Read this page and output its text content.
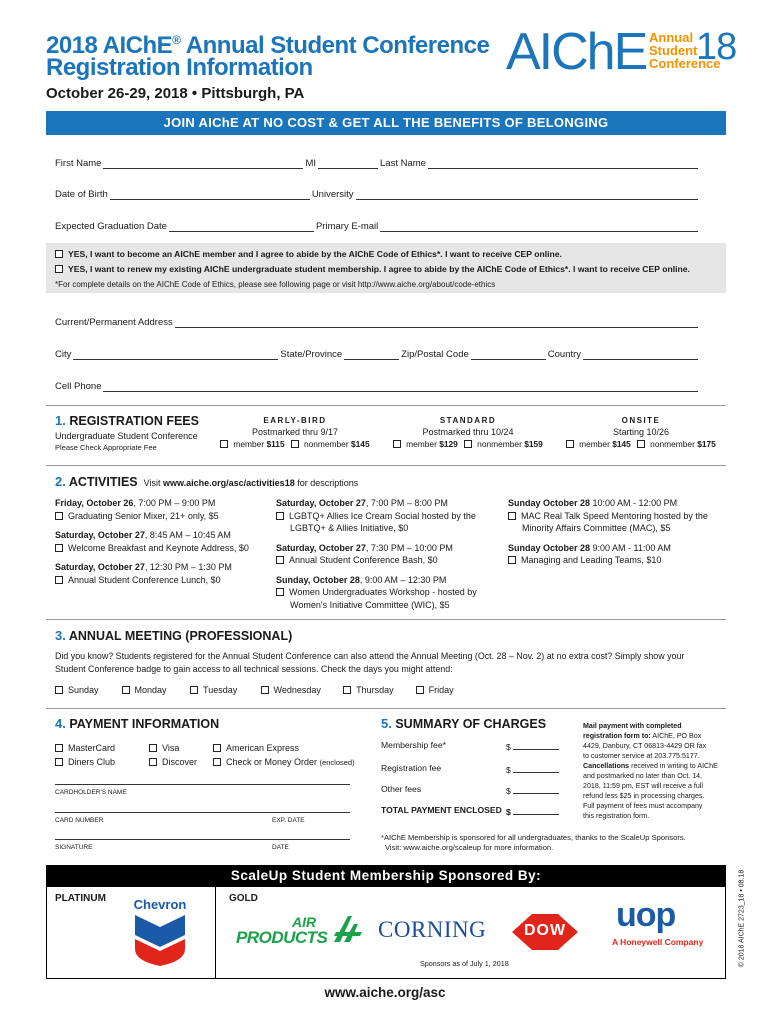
2018 AIChE® Annual Student Conference
Registration Information
October 26-29, 2018 • Pittsburgh, PA
AIChE Annual
Student
Conference
18
JOIN AIChE AT NO COST & GET ALL THE BENEFITS OF BELONGING
First Name	MI	Last Name
Date of Birth	University
Expected Graduation Date	Primary E-mail
YES, I want to become an AIChE member and I agree to abide by the AIChE Code of Ethics*. I want to receive CEP online.
YES, I want to renew my existing AIChE undergraduate student membership. I agree to abide by the AIChE Code of Ethics*. I want to receive CEP online.
*For complete details on the AIChE Code of Ethics, please see following page or visit http://www.aiche.org/about/code-ethics
Current/Permanent Address
City	State/Province	Zip/Postal Code	Country
Cell Phone
1. REGISTRATION FEES
Undergraduate Student Conference
Please Check Appropriate Fee
EARLY-BIRD
Postmarked thru 9/17
member $115 nonmember $145
STANDARD
Postmarked thru 10/24
member $129 nonmember $159
ONSITE
Starting 10/26
member $145 nonmember $175
2. ACTIVITIES Visit www.aiche.org/asc/activities18 for descriptions
Friday, October 26, 7:00 PM – 9:00 PM
Graduating Senior Mixer, 21+ only, $5
Saturday, October 27, 8:45 AM – 10:45 AM
Welcome Breakfast and Keynote Address, $0
Saturday, October 27, 12:30 PM – 1:30 PM
Annual Student Conference Lunch, $0
Saturday, October 27, 7:00 PM – 8:00 PM
LGBTQ+ Allies Ice Cream Social hosted by the
LGBTQ+ & Allies Initiative, $0
Saturday, October 27, 7:30 PM – 10:00 PM
Annual Student Conference Bash, $0
Sunday, October 28, 9:00 AM – 12:30 PM
Women Undergraduates Workshop - hosted by
Women's Initiative Committee (WIC), $5
Sunday October 28 10:00 AM - 12:00 PM
MAC Real Talk Speed Mentoring hosted by the
Minority Affairs Committee (MAC), $5
Sunday October 28 9:00 AM - 11:00 AM
Managing and Leading Teams, $10
3. ANNUAL MEETING (PROFESSIONAL)
Did you know? Students registered for the Annual Student Conference can also attend the Annual Meeting (Oct. 28 – Nov. 2) at no extra cost? Simply show your
Student Conference badge to gain access to all technical sessions. Check the days you might attend:
Sunday	Monday	Tuesday	Wednesday	Thursday	Friday
4. PAYMENT INFORMATION
MasterCard
Diners Club
Visa
Discover
American Express
Check or Money Order (enclosed)
CARDHOLDER'S NAME
CARD NUMBER	EXP. DATE
SIGNATURE	DATE
5. SUMMARY OF CHARGES
Membership fee*	$
Registration fee	$
Other fees	$
TOTAL PAYMENT ENCLOSED $
*AIChE Membership is sponsored for all undergraduates, thanks to the ScaleUp Sponsors.
Visit: www.aiche.org/scaleup for more information.
Mail payment with completed
registration form to: AIChE, PO Box
4429, Danbury, CT 06813-4429 OR fax
to customer service at 203.775.5177.
Cancellations received in writing to AIChE
and postmarked no later than Oct. 14,
2018, 11:59 pm, EST will receive a full
refund less $25 in processing charges.
Full payment of fees must accompany
this registration form.
ScaleUp Student Membership Sponsored By:
PLATINUM	GOLD
Chevron
AIR
PRODUCTS CORNING	DOW	uop
A Honeywell Company
Sponsors as of July 1, 2018
www.aiche.org/asc
© 2018 AIChE 2723_18 • 08.18
